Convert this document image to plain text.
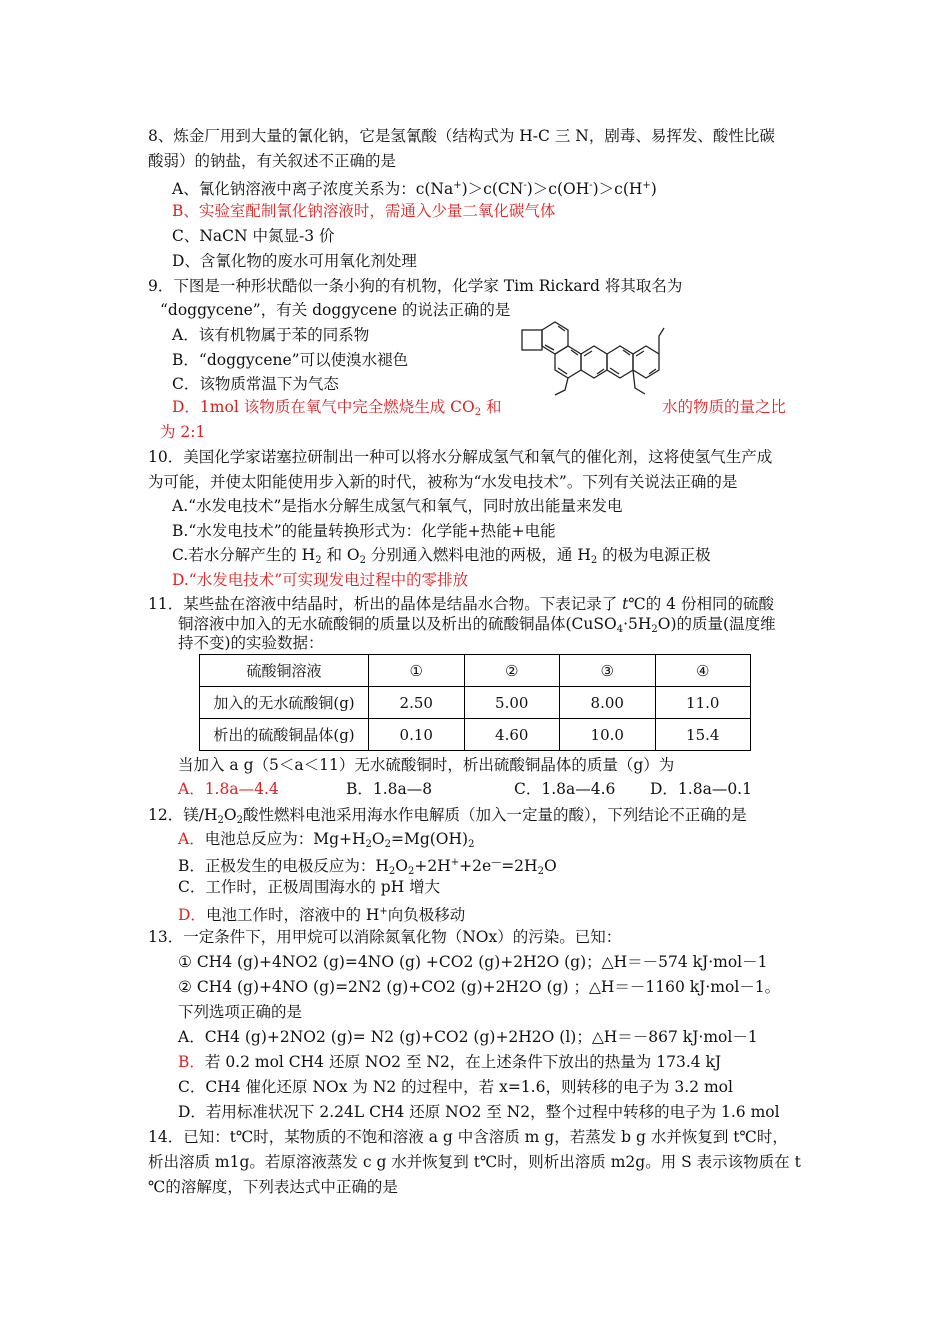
8、炼金厂用到大量的氰化钠，它是氢氰酸（结构式为 H-C 三 N，剧毒、易挥发、酸性比碳
酸弱）的钠盐，有关叙述不正确的是
A、氰化钠溶液中离子浓度关系为：c(Na+)＞c(CN-)＞c(OH-)＞c(H+)
B、实验室配制氰化钠溶液时，需通入少量二氧化碳气体
C、NaCN 中氮显-3 价
D、含氰化物的废水可用氧化剂处理
9．下图是一种形状酷似一条小狗的有机物，化学家 Tim Rickard 将其取名为
“doggycene”，有关 doggycene 的说法正确的是
A．该有机物属于苯的同系物
B．“doggycene”可以使溴水褪色
C．该物质常温下为气态
D．1mol 该物质在氧气中完全燃烧生成 $CO_2$ 和	水的物质的量之比
为 2:1
10．美国化学家诺塞拉研制出一种可以将水分解成氢气和氧气的催化剂，这将使氢气生产成
为可能，并使太阳能使用步入新的时代，被称为“水发电技术”。下列有关说法正确的是
A.“水发电技术”是指水分解生成氢气和氧气，同时放出能量来发电
B.“水发电技术”的能量转换形式为：化学能+热能+电能
C.若水分解产生的 $H_2$ 和 $O_2$ 分别通入燃料电池的两极，通 $H_2$ 的极为电源正极
D.“水发电技术”可实现发电过程中的零排放
11．某些盐在溶液中结晶时，析出的晶体是结晶水合物。下表记录了 t℃的 4 份相同的硫酸
铜溶液中加入的无水硫酸铜的质量以及析出的硫酸铜晶体$(CuSO_4\cdot 5H_2O)$的质量(温度维
持不变)的实验数据：
硫酸铜溶液	①	②	③	④
加入的无水硫酸铜(g)	2.50	5.00	8.00	11.0
析出的硫酸铜晶体(g)	0.10	4.60	10.0	15.4
当加入 a g（5＜a＜11）无水硫酸铜时，析出硫酸铜晶体的质量（g）为
A．1.8a—4.4	B．1.8a—8	C．1.8a—4.6 D．1.8a—0.1
12．镁$/H_2O_2$酸性燃料电池采用海水作电解质（加入一定量的酸），下列结论不正确的是
A．电池总反应为：$Mg+H_2O_2=Mg(OH)_2$
B．正极发生的电极反应为：$H_2O_2+2H^++2e^—=2H_2O$
C．工作时，正极周围海水的 pH 增大
D．电池工作时，溶液中的 H+向负极移动
13．一定条件下，用甲烷可以消除氮氧化物（NOx）的污染。已知：
① CH4 (g)+4NO2 (g)=4NO (g) +CO2 (g)+2H2O (g)；△H＝－574 kJ·mol－1
② CH4 (g)+4NO (g)=2N2 (g)+CO2 (g)+2H2O (g) ；△H＝－1160 kJ·mol－1。
下列选项正确的是
A．CH4 (g)+2NO2 (g)= N2 (g)+CO2 (g)+2H2O (l)；△H＝－867 kJ·mol－1
B．若 0.2 mol CH4 还原 NO2 至 N2，在上述条件下放出的热量为 173.4 kJ
C．CH4 催化还原 NOx 为 N2 的过程中，若 x=1.6，则转移的电子为 3.2 mol
D．若用标准状况下 2.24L CH4 还原 NO2 至 N2，整个过程中转移的电子为 1.6 mol
14．已知：t℃时，某物质的不饱和溶液 a g 中含溶质 m g，若蒸发 b g 水并恢复到 t℃时，
析出溶质 m1g。若原溶液蒸发 c g 水并恢复到 t℃时，则析出溶质 m2g。用 S 表示该物质在 t
℃的溶解度，下列表达式中正确的是
